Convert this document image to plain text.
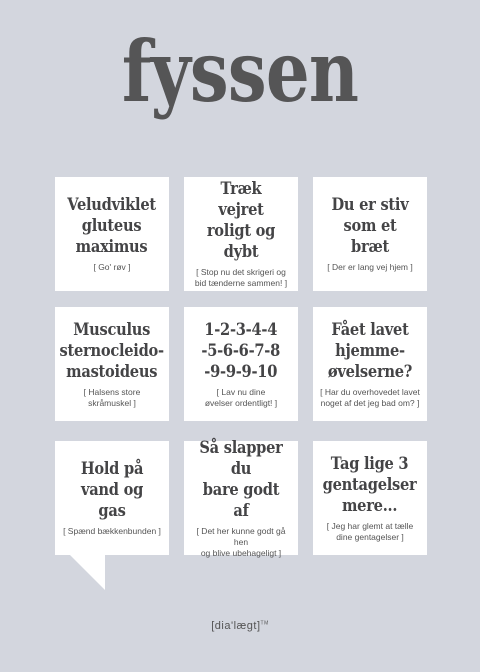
fyssen
Veludviklet
gluteus
maximus
[ Go' røv ]
Træk vejret
roligt og dybt
[ Stop nu det skrigeri og
bid tænderne sammen! ]
Du er stiv
som et bræt
[ Der er lang vej hjem ]
Musculus
sternocleido-
mastoideus
[ Halsens store
skråmuskel ]
1-2-3-4-4
-5-6-6-7-8
-9-9-9-10
[ Lav nu dine
øvelser ordentligt! ]
Fået lavet
hjemme-
øvelserne?
[ Har du overhovedet lavet
noget af det jeg bad om? ]
Hold på
vand og gas
[ Spænd bækkenbunden ]
Så slapper du
bare godt af
[ Det her kunne godt gå hen
og blive ubehageligt ]
Tag lige 3
gentagelser
mere...
[ Jeg har glemt at tælle
dine gentagelser ]
[dia'lægt]™
